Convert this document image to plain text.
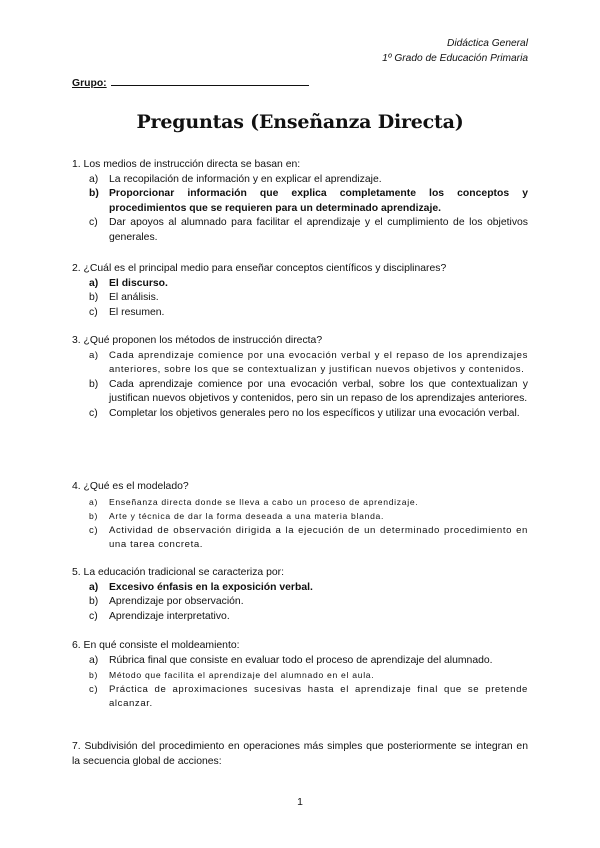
Didáctica General
1º Grado de Educación Primaria
Grupo:
Preguntas (Enseñanza Directa)

1. Los medios de instrucción directa se basan en:

a) La recopilación de información y en explicar el aprendizaje.

b) Proporcionar información que explica completamente los conceptos y procedimientos que se requieren para un determinado aprendizaje.

c) Dar apoyos al alumnado para facilitar el aprendizaje y el cumplimiento de los objetivos generales.

2. ¿Cuál es el principal medio para enseñar conceptos científicos y disciplinares?

a) El discurso.

b) El análisis.

c) El resumen.

3. ¿Qué proponen los métodos de instrucción directa?

a) Cada aprendizaje comience por una evocación verbal y el repaso de los aprendizajes anteriores, sobre los que se contextualizan y justifican nuevos objetivos y contenidos.

b) Cada aprendizaje comience por una evocación verbal, sobre los que contextualizan y justifican nuevos objetivos y contenidos, pero sin un repaso de los aprendizajes anteriores.

c) Completar los objetivos generales pero no los específicos y utilizar una evocación verbal.

4. ¿Qué es el modelado?

a) Enseñanza directa donde se lleva a cabo un proceso de aprendizaje.

b) Arte y técnica de dar la forma deseada a una materia blanda.

c) Actividad de observación dirigida a la ejecución de un determinado procedimiento en una tarea concreta.

5. La educación tradicional se caracteriza por:

a) Excesivo énfasis en la exposición verbal.

b) Aprendizaje por observación.

c) Aprendizaje interpretativo.

6. En qué consiste el moldeamiento:

a) Rúbrica final que consiste en evaluar todo el proceso de aprendizaje del alumnado.

b) Método que facilita el aprendizaje del alumnado en el aula.

c) Práctica de aproximaciones sucesivas hasta el aprendizaje final que se pretende alcanzar.

7. Subdivisión del procedimiento en operaciones más simples que posteriormente se integran en la secuencia global de acciones:

1
